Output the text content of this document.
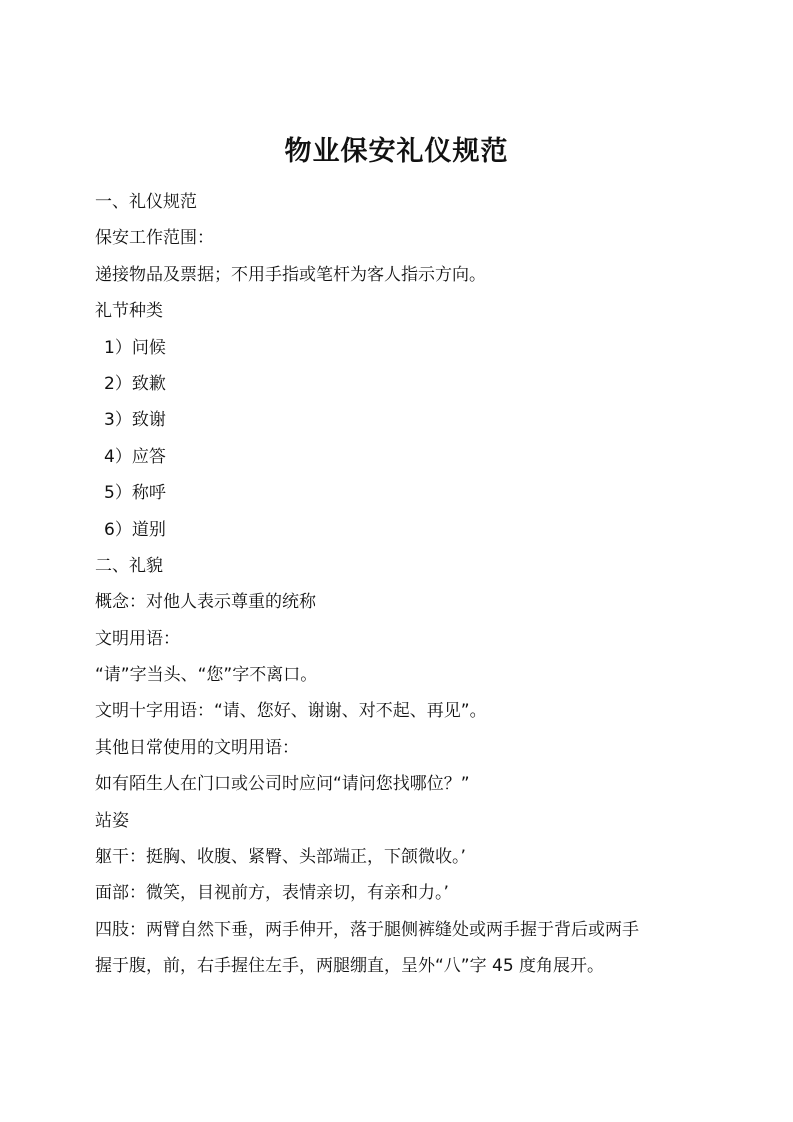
物业保安礼仪规范
一、礼仪规范
保安工作范围：
递接物品及票据；不用手指或笔杆为客人指示方向。
礼节种类
1）问候
2）致歉
3）致谢
4）应答
5）称呼
6）道别
二、礼貌
概念：对他人表示尊重的统称
文明用语：
“请”字当头、“您”字不离口。
文明十字用语：“请、您好、谢谢、对不起、再见”。
其他日常使用的文明用语：
如有陌生人在门口或公司时应问“请问您找哪位？”
站姿
躯干：挺胸、收腹、紧臀、头部端正，下颌微收。’
面部：微笑，目视前方，表情亲切，有亲和力。’
四肢：两臂自然下垂，两手伸开，落于腿侧裤缝处或两手握于背后或两手
握于腹，前，右手握住左手，两腿绷直，呈外“八”字 45 度角展开。
